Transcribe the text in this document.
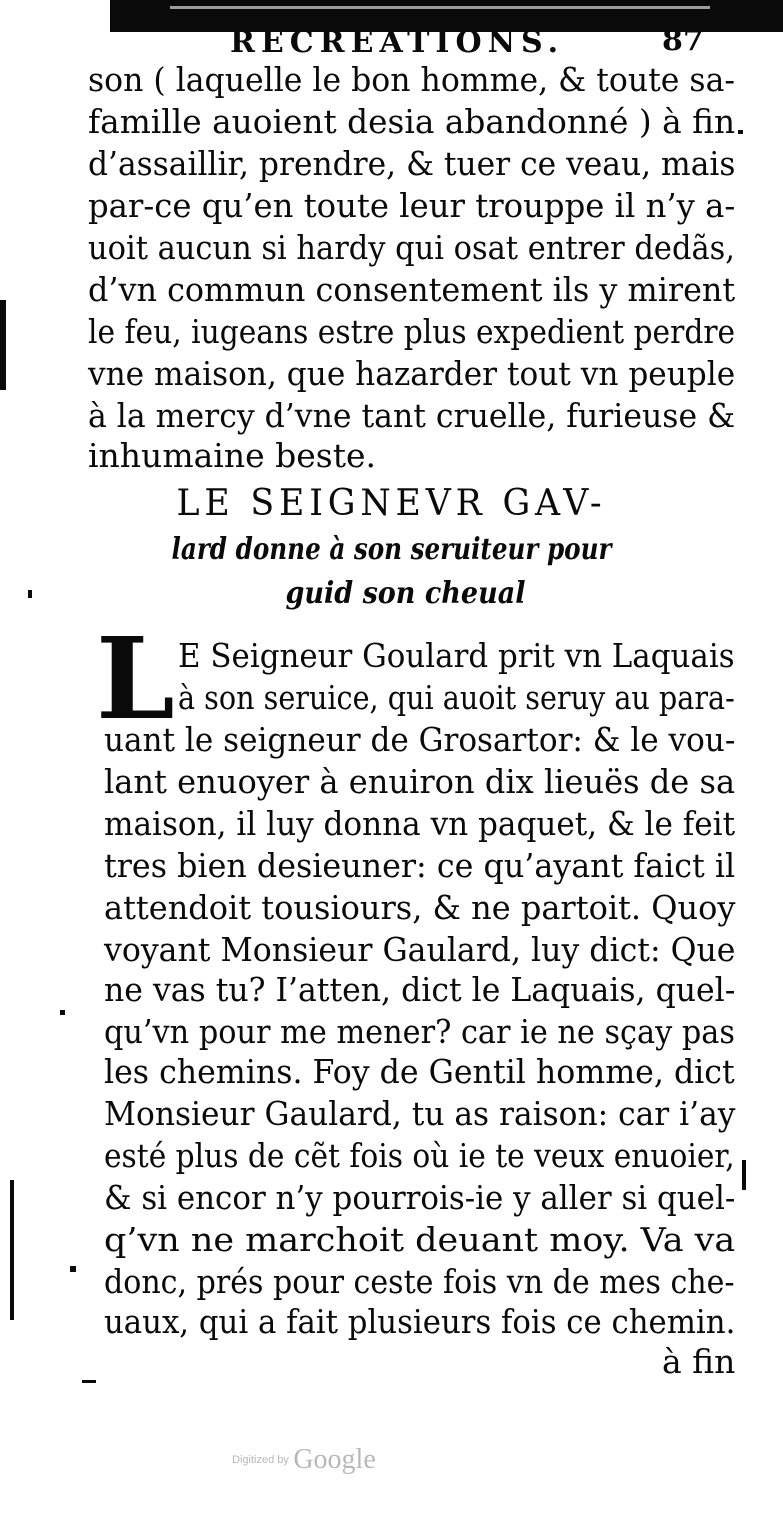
RECREATIONS.	87
son ( laquelle le bon homme, & toute sa-
famille auoient desia abandonné ) à fin
d’assaillir, prendre, & tuer ce veau, mais
par-ce qu’en toute leur trouppe il n’y a-
uoit aucun si hardy qui osat entrer dedãs,
d’vn commun consentement ils y mirent
le feu, iugeans estre plus expedient perdre
vne maison, que hazarder tout vn peuple
à la mercy d’vne tant cruelle, furieuse &
inhumaine beste.
LE SEIGNEVR GAV-
lard donne à son seruiteur pour
guid son cheual
L E Seigneur Goulard prit vn Laquais
à son seruice, qui auoit seruy au para-
uant le seigneur de Grosartor: & le vou-
lant enuoyer à enuiron dix lieuës de sa
maison, il luy donna vn paquet, & le feit
tres bien desieuner: ce qu’ayant faict il
attendoit tousiours, & ne partoit. Quoy
voyant Monsieur Gaulard, luy dict: Que
ne vas tu? I’atten, dict le Laquais, quel-
qu’vn pour me mener? car ie ne sçay pas
les chemins. Foy de Gentil homme, dict
Monsieur Gaulard, tu as raison: car i’ay
esté plus de cẽt fois où ie te veux enuoier,
& si encor n’y pourrois-ie y aller si quel-
q’vn ne marchoit deuant moy. Va va
donc, prés pour ceste fois vn de mes che-
uaux, qui a fait plusieurs fois ce chemin.
à fin
Digitized by Google
